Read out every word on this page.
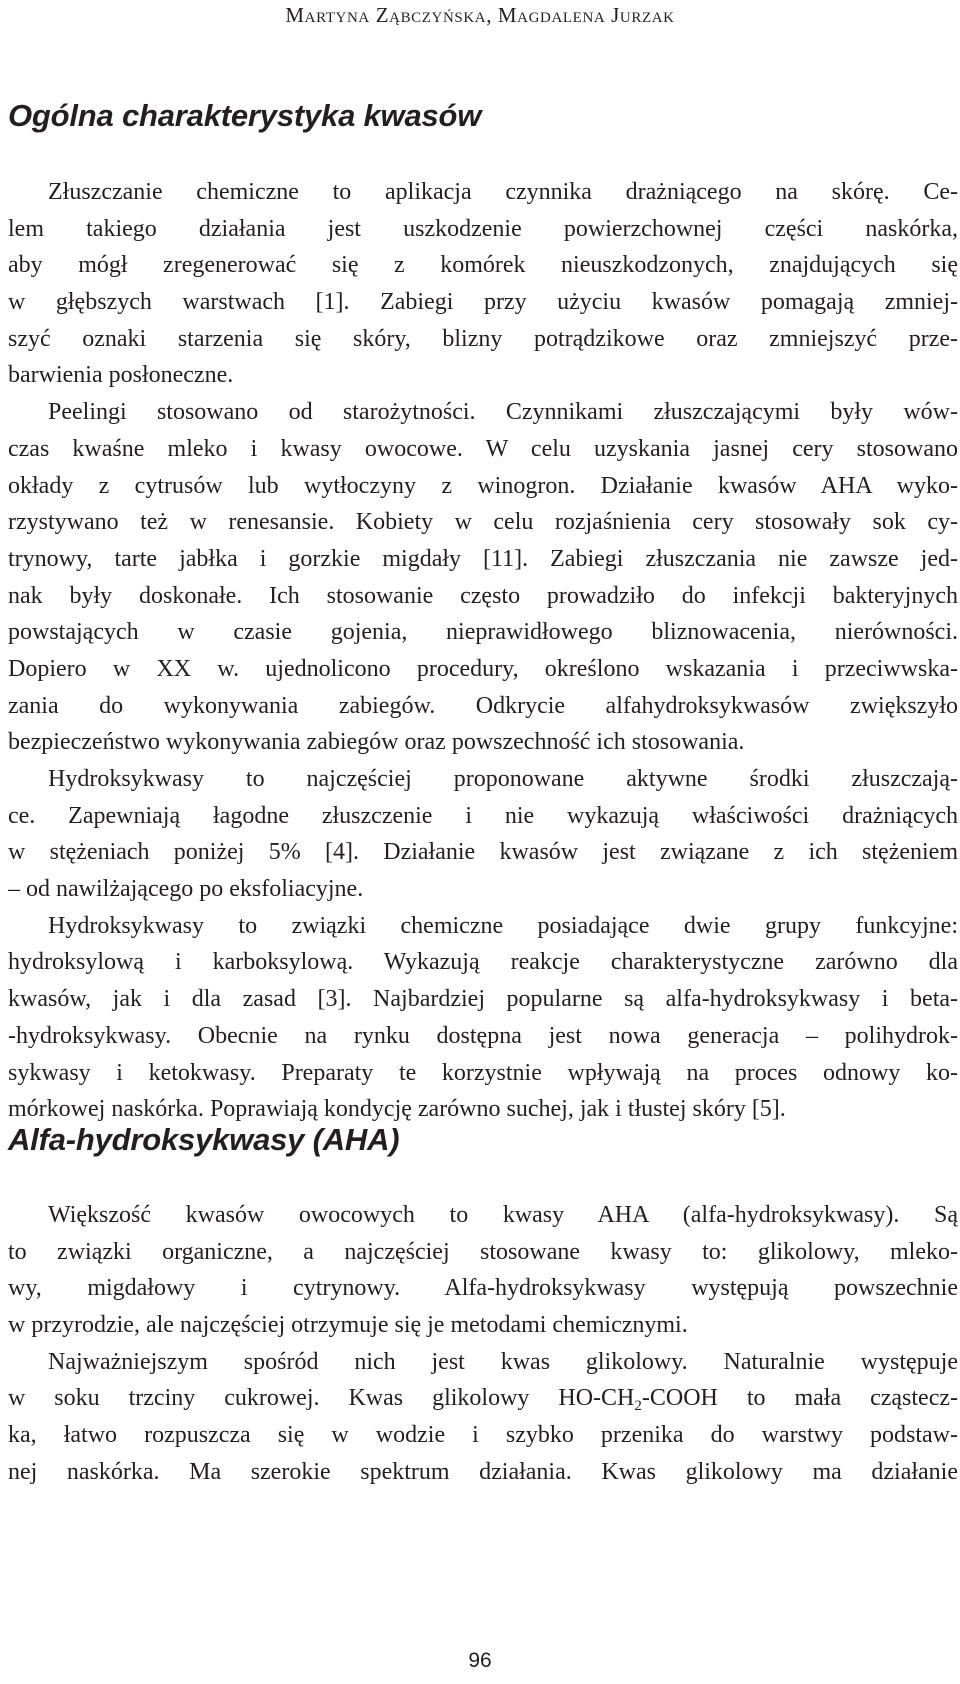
Martyna Ząbczyńska, Magdalena Jurzak
Ogólna charakterystyka kwasów
Złuszczanie chemiczne to aplikacja czynnika drażniącego na skórę. Ce-
lem takiego działania jest uszkodzenie powierzchownej części naskórka,
aby mógł zregenerować się z komórek nieuszkodzonych, znajdujących się
w głębszych warstwach [1]. Zabiegi przy użyciu kwasów pomagają zmniej-
szyć oznaki starzenia się skóry, blizny potrądzikowe oraz zmniejszyć prze-
barwienia posłoneczne.
Peelingi stosowano od starożytności. Czynnikami złuszczającymi były wów-
czas kwaśne mleko i kwasy owocowe. W celu uzyskania jasnej cery stosowano
okłady z cytrusów lub wytłoczyny z winogron. Działanie kwasów AHA wyko-
rzystywano też w renesansie. Kobiety w celu rozjaśnienia cery stosowały sok cy-
trynowy, tarte jabłka i gorzkie migdały [11]. Zabiegi złuszczania nie zawsze jed-
nak były doskonałe. Ich stosowanie często prowadziło do infekcji bakteryjnych
powstających w czasie gojenia, nieprawidłowego bliznowacenia, nierówności.
Dopiero w XX w. ujednolicono procedury, określono wskazania i przeciwwska-
zania do wykonywania zabiegów. Odkrycie alfahydroksykwasów zwiększyło
bezpieczeństwo wykonywania zabiegów oraz powszechność ich stosowania.
Hydroksykwasy to najczęściej proponowane aktywne środki złuszczają-
ce. Zapewniają łagodne złuszczenie i nie wykazują właściwości drażniących
w stężeniach poniżej 5% [4]. Działanie kwasów jest związane z ich stężeniem
– od nawilżającego po eksfoliacyjne.
Hydroksykwasy to związki chemiczne posiadające dwie grupy funkcyjne:
hydroksylową i karboksylową. Wykazują reakcje charakterystyczne zarówno dla
kwasów, jak i dla zasad [3]. Najbardziej popularne są alfa-hydroksykwasy i beta-
-hydroksykwasy. Obecnie na rynku dostępna jest nowa generacja – polihydrok-
sykwasy i ketokwasy. Preparaty te korzystnie wpływają na proces odnowy ko-
mórkowej naskórka. Poprawiają kondycję zarówno suchej, jak i tłustej skóry [5].
Alfa-hydroksykwasy (AHA)
Większość kwasów owocowych to kwasy AHA (alfa-hydroksykwasy). Są
to związki organiczne, a najczęściej stosowane kwasy to: glikolowy, mleko-
wy, migdałowy i cytrynowy. Alfa-hydroksykwasy występują powszechnie
w przyrodzie, ale najczęściej otrzymuje się je metodami chemicznymi.
Najważniejszym spośród nich jest kwas glikolowy. Naturalnie występuje
w soku trzciny cukrowej. Kwas glikolowy $HO-CH_2$-COOH to mała cząstecz-
ka, łatwo rozpuszcza się w wodzie i szybko przenika do warstwy podstaw-
nej naskórka. Ma szerokie spektrum działania. Kwas glikolowy ma działanie
96
